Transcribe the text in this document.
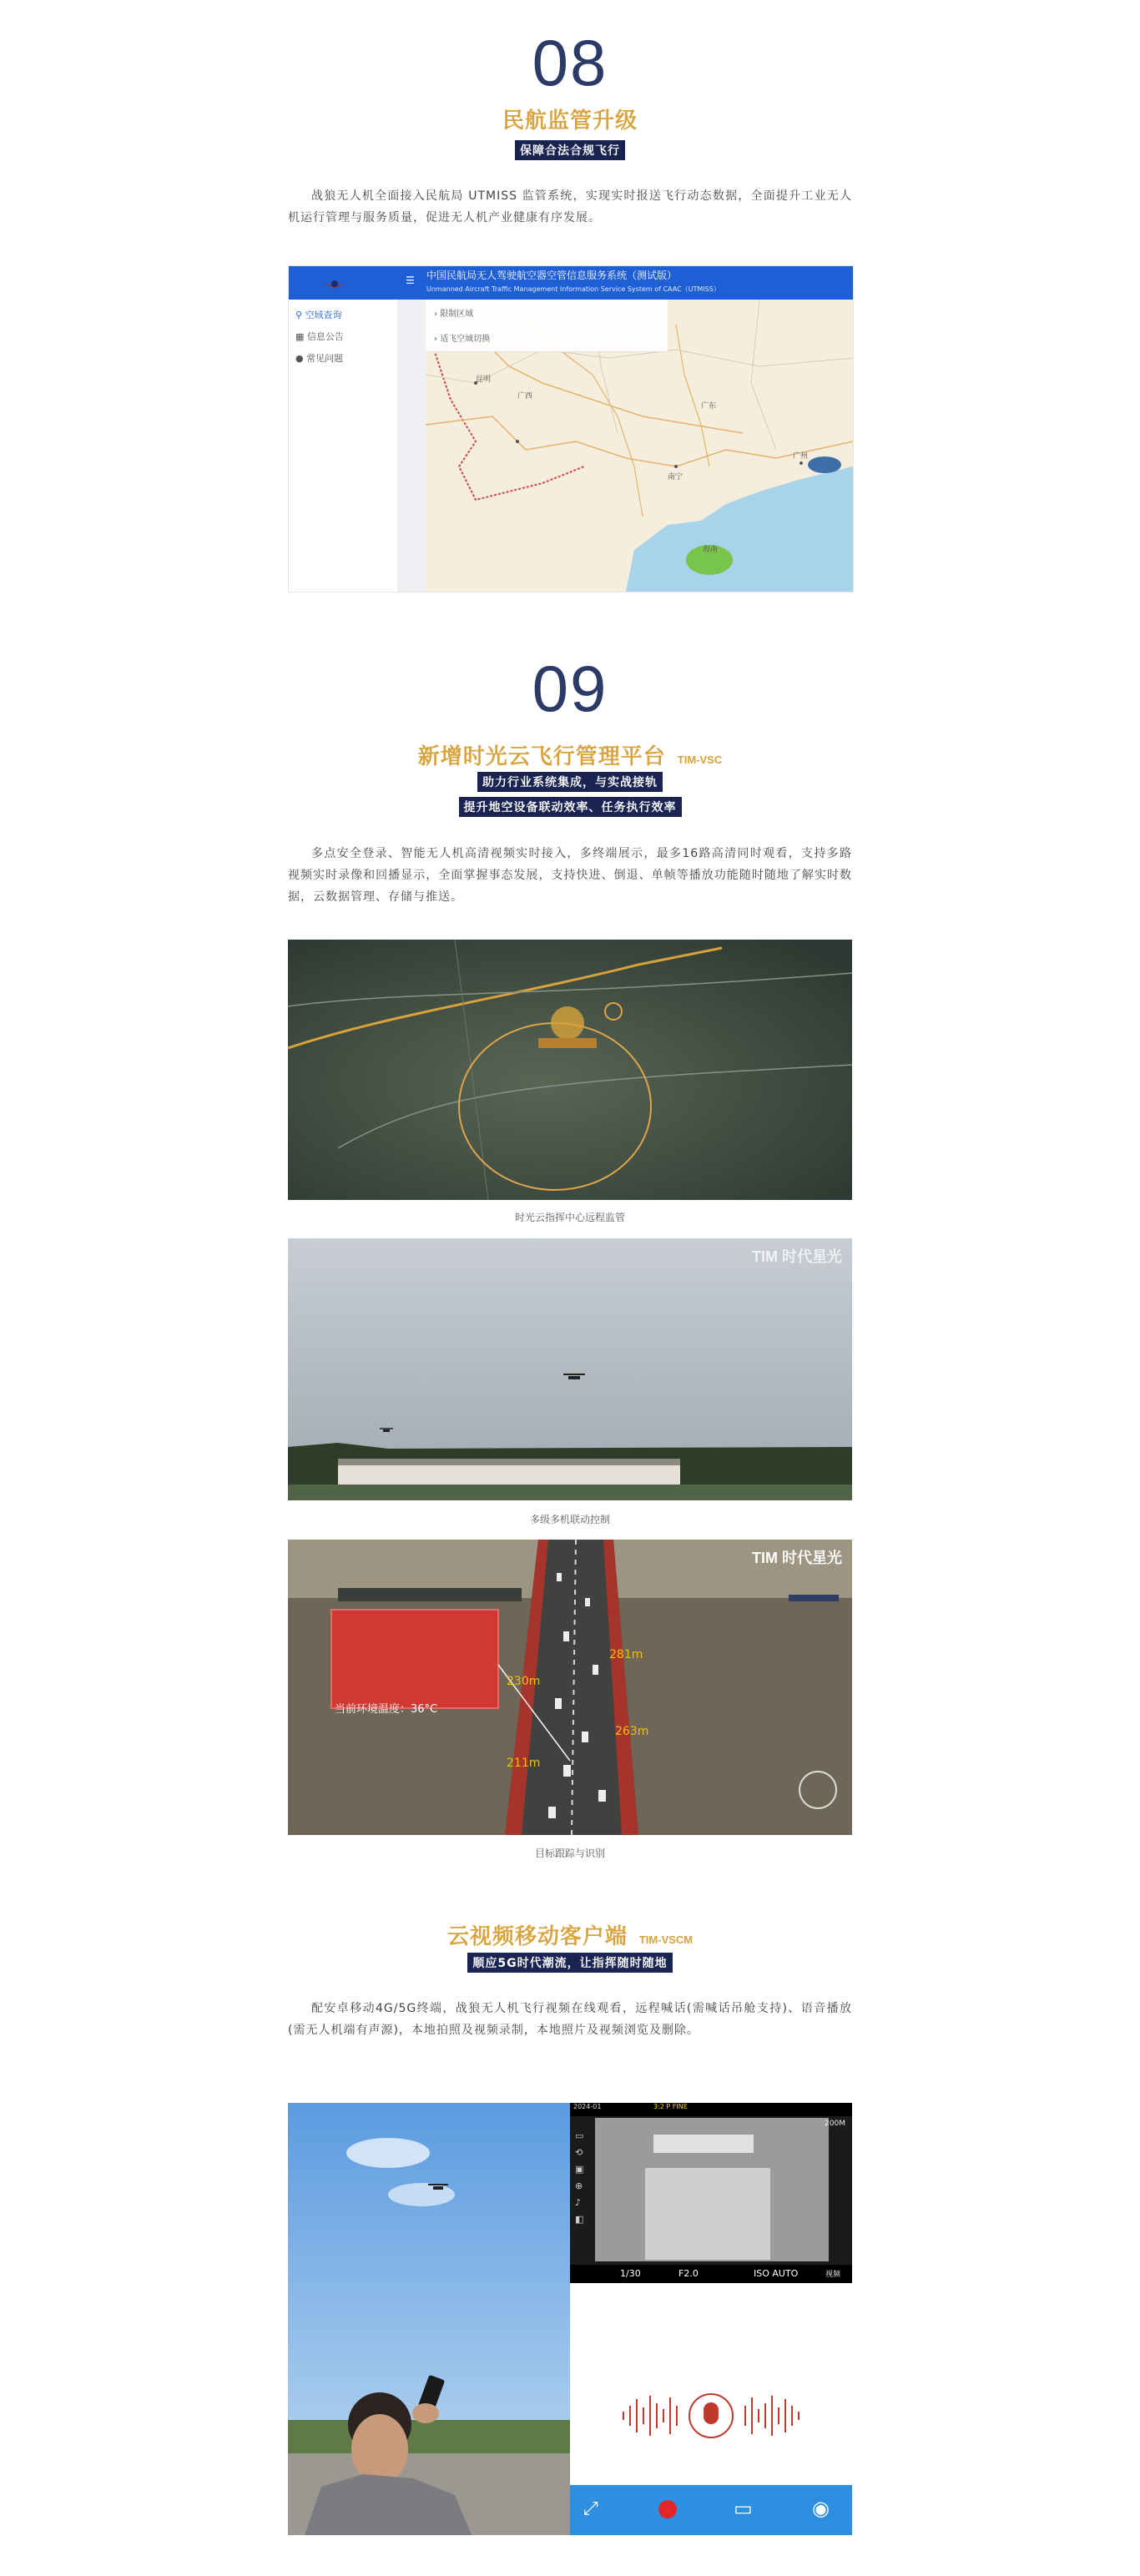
08
民航监管升级
保障合法合规飞行
战狼无人机全面接入民航局 UTMISS 监管系统，实现实时报送飞行动态数据，全面提升工业无人机运行管理与服务质量，促进无人机产业健康有序发展。
☰ 中国民航局无人驾驶航空器空管信息服务系统（测试版）
Unmanned Aircraft Traffic Management Information Service System of CAAC（UTMISS）
⚲ 空域查询
▦ 信息公告
● 常见问题
广西
广东
南宁
广州
昆明
海南
› 限制区域
› 适飞空域切换
09
新增时光云飞行管理平台 TIM-VSC
助力行业系统集成，与实战接轨
提升地空设备联动效率、任务执行效率
多点安全登录、智能无人机高清视频实时接入，多终端展示，最多16路高清同时观看，支持多路视频实时录像和回播显示，全面掌握事态发展，支持快进、倒退、单帧等播放功能随时随地了解实时数据，云数据管理、存储与推送。
时光云指挥中心远程监管
TIM 时代星光
多级多机联动控制
当前环境温度：36°C
281m
230m
263m
211m
TIM 时代星光
目标跟踪与识别
云视频移动客户端 TIM-VSCM
顺应5G时代潮流，让指挥随时随地
配安卓移动4G/5G终端，战狼无人机飞行视频在线观看，远程喊话(需喊话吊舱支持)、语音播放(需无人机端有声源)，本地拍照及视频录制，本地照片及视频浏览及删除。
2024-01	3:2 P FINE
▭
⟲
▣
⊕
♪
◧
200M
1/30	F2.0	ISO AUTO	视频
⤢	▭	◉
